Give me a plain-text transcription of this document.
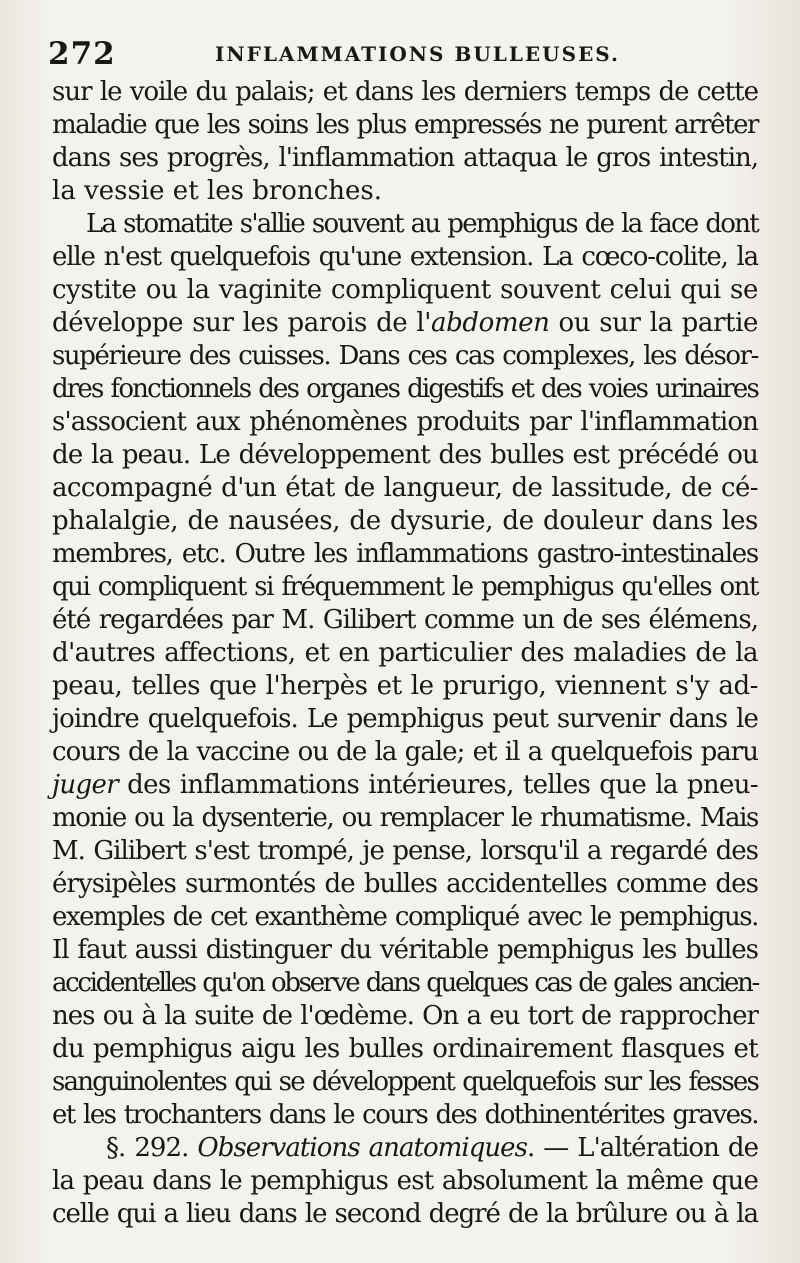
272	INFLAMMATIONS BULLEUSES.
sur le voile du palais; et dans les derniers temps de cette
maladie que les soins les plus empressés ne purent arrêter
dans ses progrès, l'inflammation attaqua le gros intestin,
la vessie et les bronches.
La stomatite s'allie souvent au pemphigus de la face dont
elle n'est quelquefois qu'une extension. La cœco-colite, la
cystite ou la vaginite compliquent souvent celui qui se
développe sur les parois de l'abdomen ou sur la partie
supérieure des cuisses. Dans ces cas complexes, les désor-
dres fonctionnels des organes digestifs et des voies urinaires
s'associent aux phénomènes produits par l'inflammation
de la peau. Le développement des bulles est précédé ou
accompagné d'un état de langueur, de lassitude, de cé-
phalalgie, de nausées, de dysurie, de douleur dans les
membres, etc. Outre les inflammations gastro-intestinales
qui compliquent si fréquemment le pemphigus qu'elles ont
été regardées par M. Gilibert comme un de ses élémens,
d'autres affections, et en particulier des maladies de la
peau, telles que l'herpès et le prurigo, viennent s'y ad-
joindre quelquefois. Le pemphigus peut survenir dans le
cours de la vaccine ou de la gale; et il a quelquefois paru
juger des inflammations intérieures, telles que la pneu-
monie ou la dysenterie, ou remplacer le rhumatisme. Mais
M. Gilibert s'est trompé, je pense, lorsqu'il a regardé des
érysipèles surmontés de bulles accidentelles comme des
exemples de cet exanthème compliqué avec le pemphigus.
Il faut aussi distinguer du véritable pemphigus les bulles
accidentelles qu'on observe dans quelques cas de gales ancien-
nes ou à la suite de l'œdème. On a eu tort de rapprocher
du pemphigus aigu les bulles ordinairement flasques et
sanguinolentes qui se développent quelquefois sur les fesses
et les trochanters dans le cours des dothinentérites graves.
§. 292. Observations anatomiques. — L'altération de
la peau dans le pemphigus est absolument la même que
celle qui a lieu dans le second degré de la brûlure ou à la
